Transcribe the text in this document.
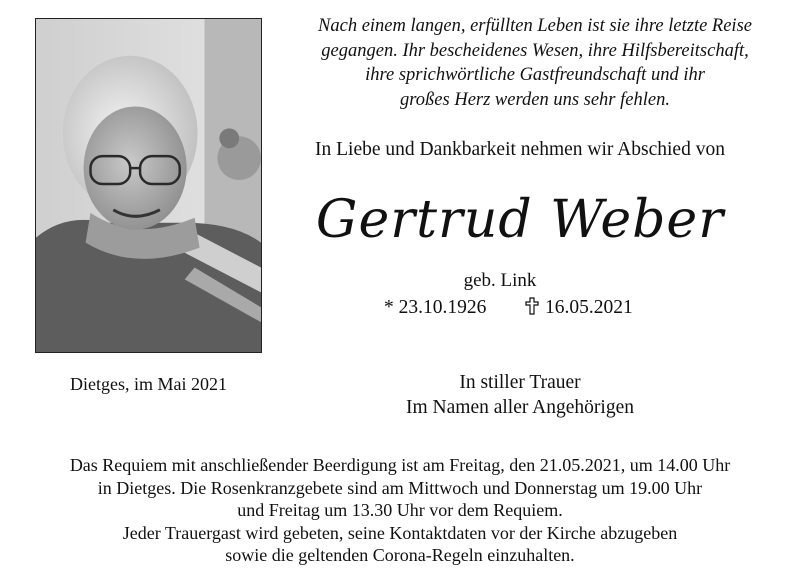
Nach einem langen, erfüllten Leben ist sie ihre letzte Reise
gegangen. Ihr bescheidenes Wesen, ihre Hilfsbereitschaft,
ihre sprichwörtliche Gastfreundschaft und ihr
großes Herz werden uns sehr fehlen.
In Liebe und Dankbarkeit nehmen wir Abschied von
Gertrud Weber
geb. Link
* 23.10.1926	16.05.2021
Dietges, im Mai 2021	In stiller Trauer
Im Namen aller Angehörigen
Das Requiem mit anschließender Beerdigung ist am Freitag, den 21.05.2021, um 14.00 Uhr
in Dietges. Die Rosenkranzgebete sind am Mittwoch und Donnerstag um 19.00 Uhr
und Freitag um 13.30 Uhr vor dem Requiem.
Jeder Trauergast wird gebeten, seine Kontaktdaten vor der Kirche abzugeben
sowie die geltenden Corona-Regeln einzuhalten.
